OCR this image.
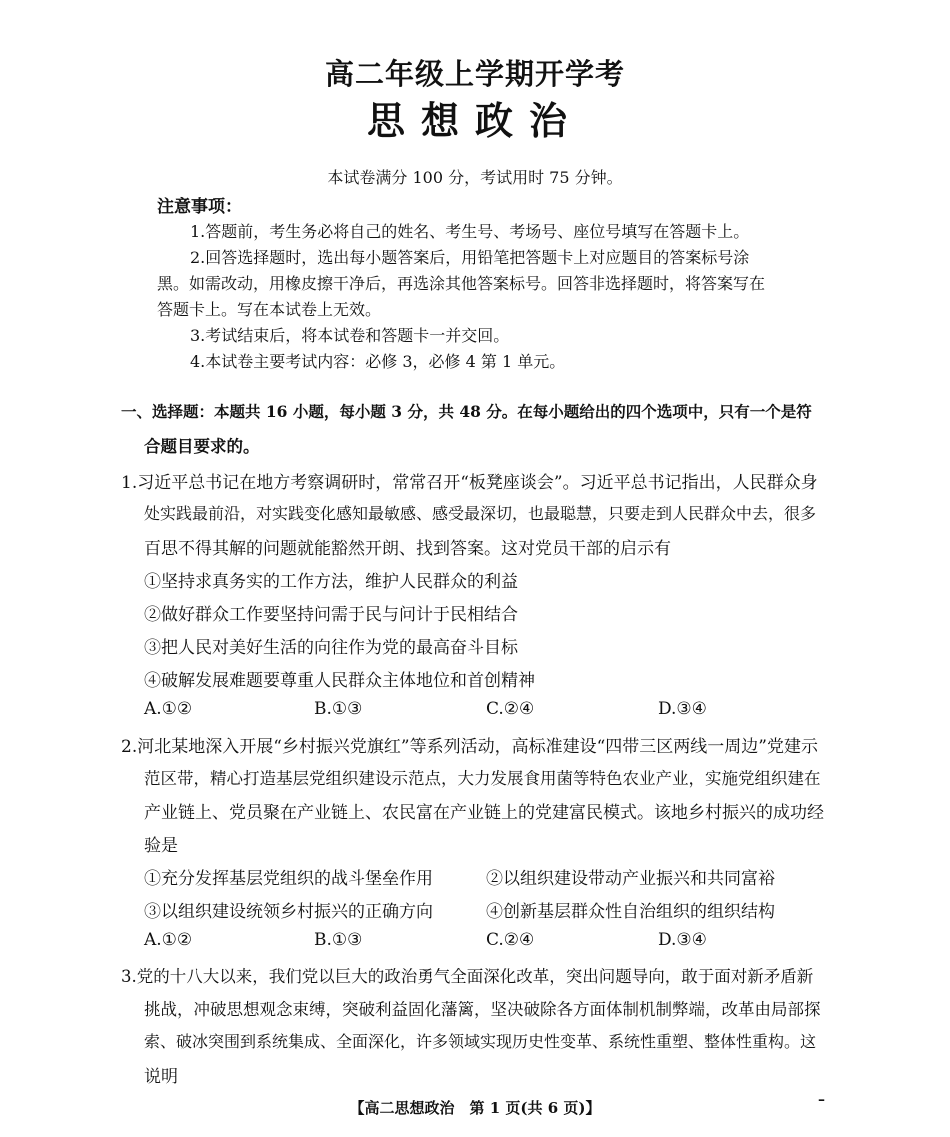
高二年级上学期开学考
思想政治
本试卷满分 100 分，考试用时 75 分钟。
注意事项：
1.答题前，考生务必将自己的姓名、考生号、考场号、座位号填写在答题卡上。
2.回答选择题时，选出每小题答案后，用铅笔把答题卡上对应题目的答案标号涂
黑。如需改动，用橡皮擦干净后，再选涂其他答案标号。回答非选择题时，将答案写在
答题卡上。写在本试卷上无效。
3.考试结束后，将本试卷和答题卡一并交回。
4.本试卷主要考试内容：必修 3，必修 4 第 1 单元。
一、选择题：本题共 16 小题，每小题 3 分，共 48 分。在每小题给出的四个选项中，只有一个是符
合题目要求的。
1.习近平总书记在地方考察调研时，常常召开“板凳座谈会”。习近平总书记指出，人民群众身
处实践最前沿，对实践变化感知最敏感、感受最深切，也最聪慧，只要走到人民群众中去，很多
百思不得其解的问题就能豁然开朗、找到答案。这对党员干部的启示有
①坚持求真务实的工作方法，维护人民群众的利益
②做好群众工作要坚持问需于民与问计于民相结合
③把人民对美好生活的向往作为党的最高奋斗目标
④破解发展难题要尊重人民群众主体地位和首创精神
A.①②	B.①③	C.②④	D.③④
2.河北某地深入开展“乡村振兴党旗红”等系列活动，高标准建设“四带三区两线一周边”党建示
范区带，精心打造基层党组织建设示范点，大力发展食用菌等特色农业产业，实施党组织建在
产业链上、党员聚在产业链上、农民富在产业链上的党建富民模式。该地乡村振兴的成功经
验是
①充分发挥基层党组织的战斗堡垒作用	②以组织建设带动产业振兴和共同富裕
③以组织建设统领乡村振兴的正确方向	④创新基层群众性自治组织的组织结构
A.①②	B.①③	C.②④	D.③④
3.党的十八大以来，我们党以巨大的政治勇气全面深化改革，突出问题导向，敢于面对新矛盾新
挑战，冲破思想观念束缚，突破利益固化藩篱，坚决破除各方面体制机制弊端，改革由局部探
索、破冰突围到系统集成、全面深化，许多领域实现历史性变革、系统性重塑、整体性重构。这
说明
【高二思想政治　第 1 页(共 6 页)】	–
